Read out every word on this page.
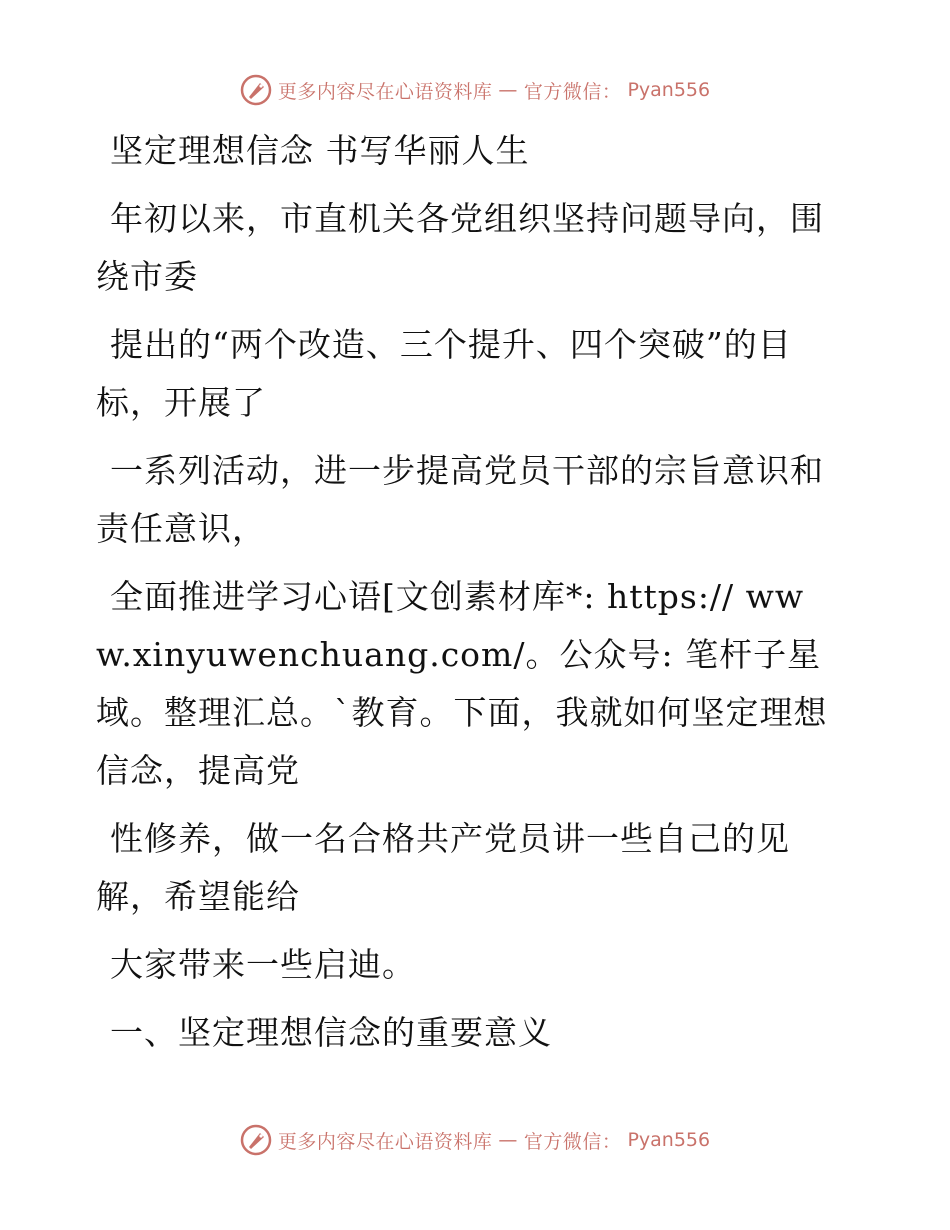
更多内容尽在心语资料库 — 官方微信： Pyan556

坚定理想信念 书写华丽人生

年初以来，市直机关各党组织坚持问题导向，围绕市委

提出的“两个改造、三个提升、四个突破”的目标，开展了

一系列活动，进一步提高党员干部的宗旨意识和责任意识，

全面推进学习心语[文创素材库*: https:// www.xinyuwenchuang.com/。公众号: 笔杆子星域。整理汇总。`教育。下面，我就如何坚定理想信念，提高党

性修养，做一名合格共产党员讲一些自己的见解，希望能给

大家带来一些启迪。

一、坚定理想信念的重要意义

更多内容尽在心语资料库 — 官方微信： Pyan556
